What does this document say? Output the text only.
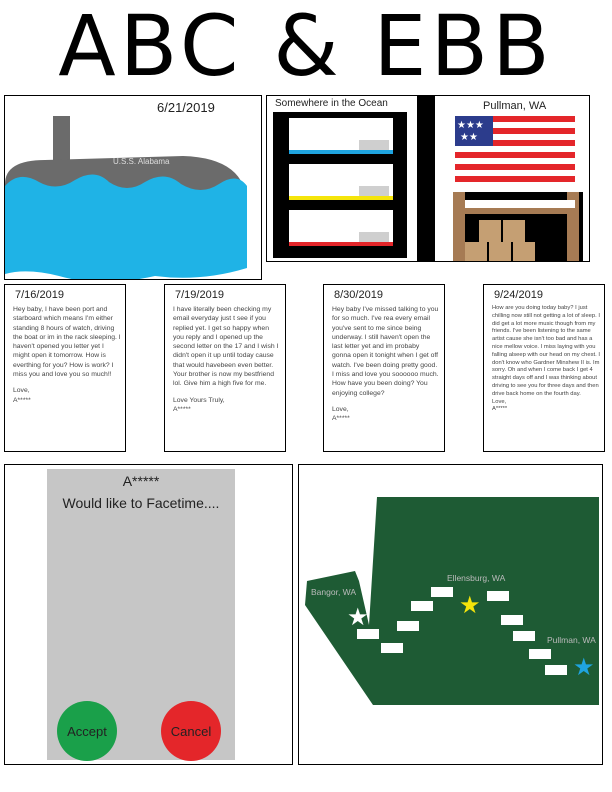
ABC & EBB
6/21/2019
U.S.S. Alabama
Somewhere in the Ocean	Pullman, WA
★★★
★★
7/16/2019

Hey baby, I have been port and starboard which means I'm either standing 8 hours of watch, driving the boat or im in the rack sleeping. I haven't opened you letter yet I might open it tomorrow. How is everthing for you? How is work? I miss you and love you so much!!

Love,
A*****
7/19/2019

I have literally been checking my email everyday just t see if you replied yet. I get so happy when you reply and I opened up the second letter on the 17 and I wish I didn't open it up until today cause that would havebeen even better. Your brother is now my bestfriend lol. Give him a high five for me.

Love Yours Truly,
A*****
8/30/2019

Hey baby I've missed talking to you for so much. I've rea every email you've sent to me since being underway. I still haven't open the last letter yet and im probaby gonna open it tonight when I get off watch. I've been doing pretty good. I miss and love you soooooo much. How have you been doing? You enjoying college?

Love,
A*****
9/24/2019

How are you doing today baby? I just chilling now still not getting a lot of sleep. I did get a lot more music though from my friends. I've been listening to the same artist cause she isn't too bad and has a nice mellow voice. I miss laying with you falling alseep with our head on my chest. I don't know who Gardner Minshew II is. Im sorry. Oh and when I come back I get 4 straight days off and I was thinking about driving to see you for three days and then drive back home on the fourth day.

Love,
A*****
A*****
Would like to Facetime....
Accept	Cancel
★	★
★
Bangor, WA
Ellensburg, WA
Pullman, WA
